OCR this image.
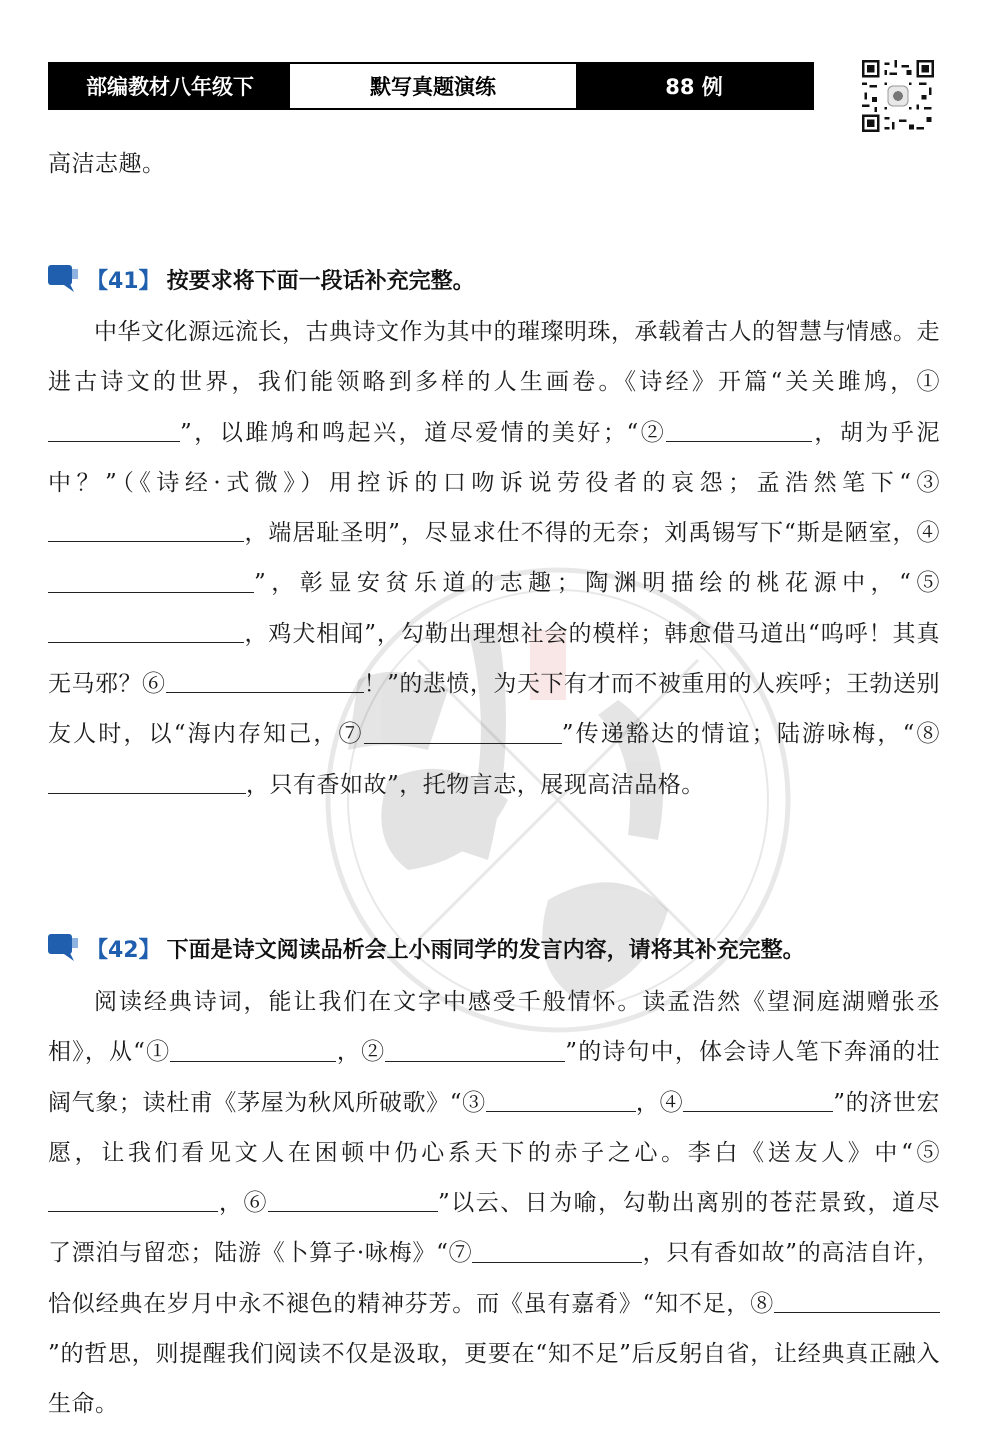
部编教材八年级下	默写真题演练	88 例

高洁志趣。

【41】 按要求将下面一段话补充完整。

中华文化源远流长，古典诗文作为其中的璀璨明珠，承载着古人的智慧与情感。走进古诗文的世界，我们能领略到多样的人生画卷。《诗经》开篇“关关雎鸠，①”，以雎鸠和鸣起兴，道尽爱情的美好；“②	，胡为乎泥中？”（《诗经·式微》）用控诉的口吻诉说劳役者的哀怨；孟浩然笔下“③，端居耻圣明”，尽显求仕不得的无奈；刘禹锡写下“斯是陋室，④”，彰显安贫乐道的志趣；陶渊明描绘的桃花源中，“⑤，鸡犬相闻”，勾勒出理想社会的模样；韩愈借马道出“呜呼！其真无马邪？⑥	！”的悲愤，为天下有才而不被重用的人疾呼；王勃送别友人时，以“海内存知己，⑦	”传递豁达的情谊；陆游咏梅，“⑧，只有香如故”，托物言志，展现高洁品格。

【42】 下面是诗文阅读品析会上小雨同学的发言内容，请将其补充完整。

阅读经典诗词，能让我们在文字中感受千般情怀。读孟浩然《望洞庭湖赠张丞相》，从“①	，②	”的诗句中，体会诗人笔下奔涌的壮阔气象；读杜甫《茅屋为秋风所破歌》“③	，④	”的济世宏愿，让我们看见文人在困顿中仍心系天下的赤子之心。李白《送友人》中“⑤，⑥	”以云、日为喻，勾勒出离别的苍茫景致，道尽了漂泊与留恋；陆游《卜算子·咏梅》“⑦	，只有香如故”的高洁自许，恰似经典在岁月中永不褪色的精神芬芳。而《虽有嘉肴》“知不足，⑧”的哲思，则提醒我们阅读不仅是汲取，更要在“知不足”后反躬自省，让经典真正融入生命。
